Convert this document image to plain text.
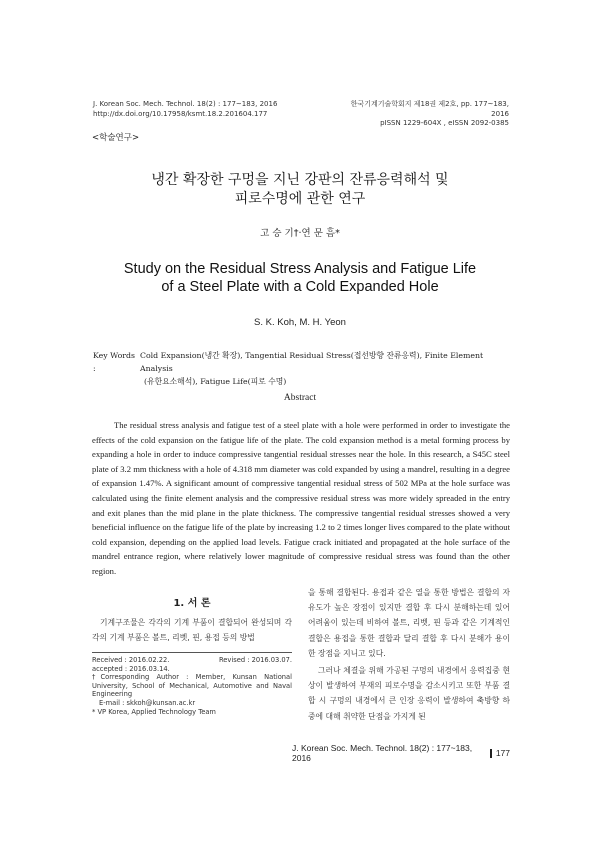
J. Korean Soc. Mech. Technol. 18(2) : 177~183, 2016
http://dx.doi.org/10.17958/ksmt.18.2.201604.177
한국기계기술학회지 제18권 제2호, pp. 177~183, 2016
pISSN 1229-604X , eISSN 2092-0385
<학술연구>
냉간 확장한 구멍을 지닌 강판의 잔류응력해석 및
피로수명에 관한 연구
고 승 기†·연 문 흠*
Study on the Residual Stress Analysis and Fatigue Life
of a Steel Plate with a Cold Expanded Hole
S. K. Koh, M. H. Yeon
Key Words :
Cold Expansion(냉간 확장), Tangential Residual Stress(접선방향 잔류응력), Finite Element Analysis
(유한요소해석), Fatigue Life(피로 수명)
Abstract
The residual stress analysis and fatigue test of a steel plate with a hole were performed in order to investigate the effects of the cold expansion on the fatigue life of the plate. The cold expansion method is a metal forming process by expanding a hole in order to induce compressive tangential residual stresses near the hole. In this research, a S45C steel plate of 3.2 mm thickness with a hole of 4.318 mm diameter was cold expanded by using a mandrel, resulting in a degree of expansion 1.47%. A significant amount of compressive tangential residual stress of 502 MPa at the hole surface was calculated using the finite element analysis and the compressive residual stress was more widely spreaded in the entry and exit planes than the mid plane in the plate thickness. The compressive tangential residual stresses showed a very beneficial influence on the fatigue life of the plate by increasing 1.2 to 2 times longer lives compared to the plate without cold expansion, depending on the applied load levels. Fatigue crack initiated and propagated at the hole surface of the mandrel entrance region, where relatively lower magnitude of compressive residual stress was found than the other region.
1. 서 론
기계구조물은 각각의 기계 부품이 결합되어 완성되며 각각의 기계 부품은 볼트, 리벳, 핀, 용접 등의 방법
Received : 2016.02.22.	Revised : 2016.03.07.
accepted : 2016.03.14.
†Corresponding Author : Member, Kunsan National University, School of Mechanical, Automotive and Naval Engineering
E-mail : skkoh@kunsan.ac.kr
* VP Korea, Applied Technology Team

을 통해 결합된다. 용접과 같은 열을 통한 방법은 결합의 자유도가 높은 장점이 있지만 결합 후 다시 분해하는데 있어 어려움이 있는데 비하여 볼트, 리벳, 핀 등과 같은 기계적인 결합은 용접을 통한 결합과 달리 결합 후 다시 분해가 용이한 장점을 지니고 있다.

그러나 체결을 위해 가공된 구멍의 내경에서 응력집중 현상이 발생하여 부재의 피로수명을 감소시키고 또한 부품 결합 시 구멍의 내경에서 큰 인장 응력이 발생하여 축방향 하중에 대해 취약한 단점을 가지게 된

J. Korean Soc. Mech. Technol. 18(2) : 177~183, 2016	177
